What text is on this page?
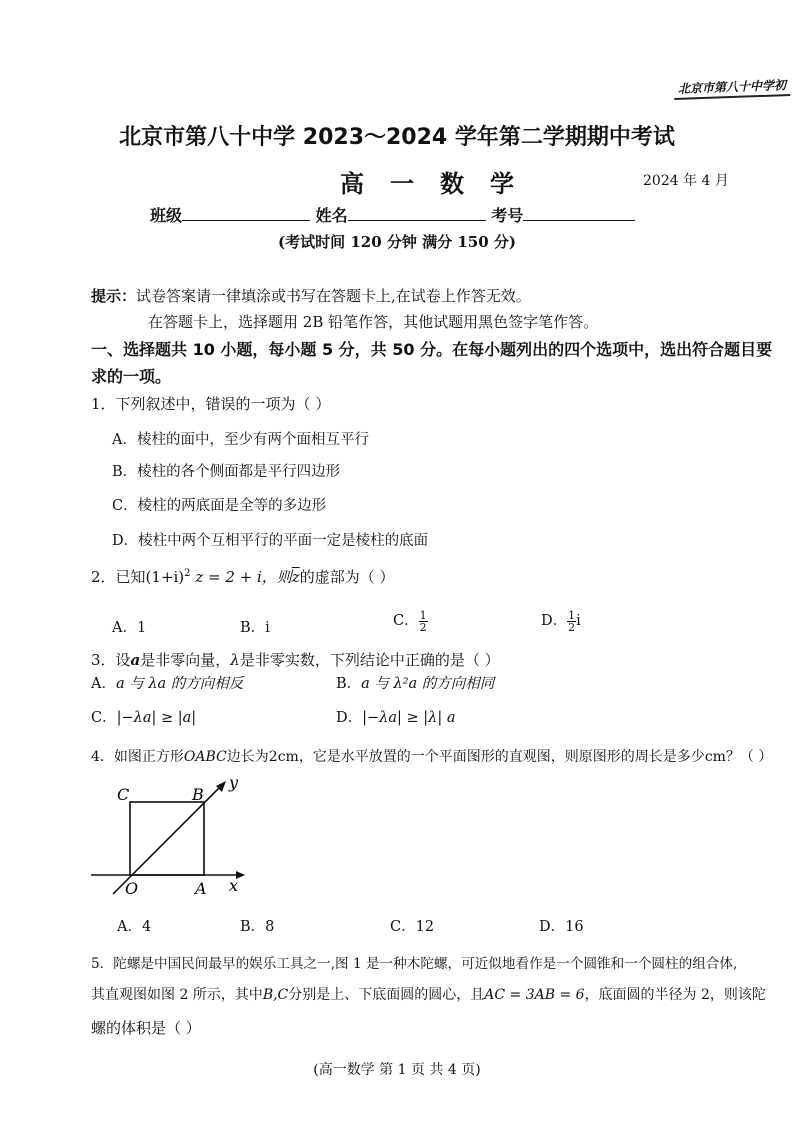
北京市第八十中学初
北京市第八十中学 2023～2024 学年第二学期期中考试
高一数学	2024 年 4 月
班级	姓名	考号
(考试时间 120 分钟 满分 150 分)
提示：试卷答案请一律填涂或书写在答题卡上,在试卷上作答无效。
在答题卡上，选择题用 2B 铅笔作答，其他试题用黑色签字笔作答。
一、选择题共 10 小题，每小题 5 分，共 50 分。在每小题列出的四个选项中，选出符合题目要
求的一项。
1．下列叙述中，错误的一项为（ ）
A．棱柱的面中，至少有两个面相互平行
B．棱柱的各个侧面都是平行四边形
C．棱柱的两底面是全等的多边形
D．棱柱中两个互相平行的平面一定是棱柱的底面
2．已知$(1+i)^2$ z = 2 + i，则$\overline{z}$的虚部为（ ）
A．1	B．i	C． $\frac{1}{2}$	D． $\frac{1}{2}$ i
3．设a是非零向量，λ是非零实数，下列结论中正确的是（ ）
A．a 与 λa 的方向相反	B．a 与 λ²a 的方向相同
C．|−λa| ≥ |a|	D．|−λa| ≥ |λ| a
4．如图正方形OABC边长为2cm，它是水平放置的一个平面图形的直观图，则原图形的周长是多少cm？（ ）
C	B
y
O	A x
A．4	B．8	C．12	D．16
5．陀螺是中国民间最早的娱乐工具之一,图 1 是一种木陀螺，可近似地看作是一个圆锥和一个圆柱的组合体,
其直观图如图 2 所示，其中B,C分别是上、下底面圆的圆心，且AC = 3AB = 6，底面圆的半径为 2，则该陀
螺的体积是（ ）
(高一数学 第 1 页 共 4 页)
